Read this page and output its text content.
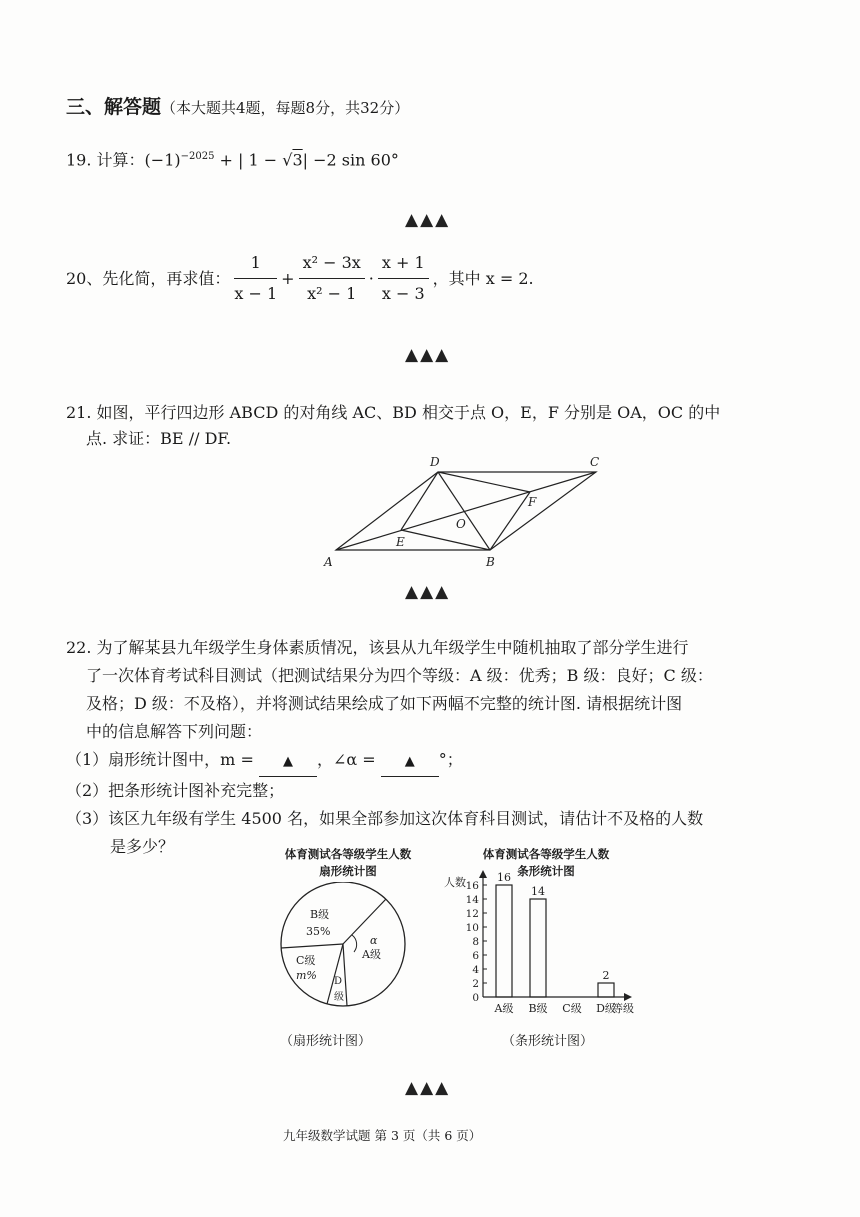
三、解答题（本大题共4题，每题8分，共32分）
19. 计算：$(-1)^{-2025}$ + | 1 − √3| −2 sin 60°
▲▲▲
20、先化简，再求值： $\frac{1}{x - 1} + \frac{\text{x² − 3x}}{\text{x² − 1}} \cdot \frac{x + 1}{x - 3}$ ，其中 x = 2.
▲▲▲
21. 如图，平行四边形 ABCD 的对角线 AC、BD 相交于点 O，E，F 分别是 OA，OC 的中
点. 求证：BE // DF.
A	B
C
D
E
F
O
▲▲▲
22. 为了解某县九年级学生身体素质情况，该县从九年级学生中随机抽取了部分学生进行
了一次体育考试科目测试（把测试结果分为四个等级：A 级：优秀；B 级：良好；C 级：
及格；D 级：不及格），并将测试结果绘成了如下两幅不完整的统计图. 请根据统计图
中的信息解答下列问题：
（1）扇形统计图中，m = ▲ ，∠α = ▲ °；
（2）把条形统计图补充完整；
（3）该区九年级有学生 4500 名，如果全部参加这次体育科目测试，请估计不及格的人数
是多少？	体育测试各等级学生人数
扇形统计图
B级
35%
α
A级
C级
m% D
级
（扇形统计图）
体育测试各等级学生人数
条形统计图
人数
0
2
4
6
8
10
12
14
16
16
14
2
A级 B级 C级 D级
等级
（条形统计图）
▲▲▲
九年级数学试题 第 3 页（共 6 页）
